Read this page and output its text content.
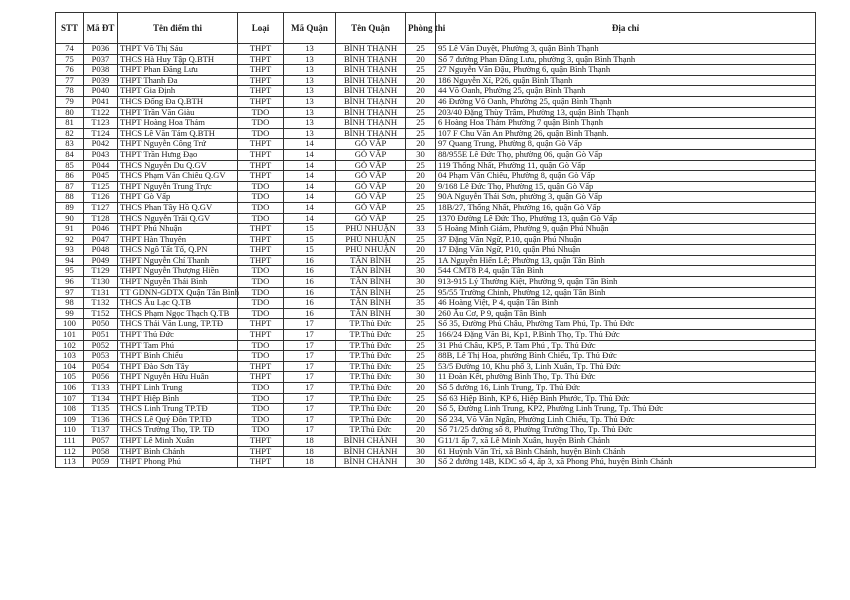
STT	Mã ĐT	Tên điểm thi	Loại	Mã Quận	Tên Quận	Phòng thi	Địa chỉ
74	P036	THPT Võ Thị Sáu	THPT	13	BÌNH THẠNH	25	95 Lê Văn Duyệt, Phường 3, quận Bình Thạnh
75	P037	THCS Hà Huy Tập Q.BTH	THPT	13	BÌNH THẠNH	20	Số 7 đường Phan Đăng Lưu, phường 3, quận Bình Thạnh
76	P038	THPT Phan Đăng Lưu	THPT	13	BÌNH THẠNH	25	27 Nguyễn Văn Đậu, Phường 6, quận Bình Thạnh
77	P039	THPT Thanh Đa	THPT	13	BÌNH THẠNH	20	186 Nguyễn Xí, P26, quận Bình Thạnh
78	P040	THPT Gia Định	THPT	13	BÌNH THẠNH	20	44 Võ Oanh, Phường 25, quận Bình Thạnh
79	P041	THCS Đống Đa Q.BTH	THPT	13	BÌNH THẠNH	20	46 Đường Võ Oanh, Phường 25, quận Bình Thạnh
80	T122	THPT Trần Văn Giàu	TDO	13	BÌNH THẠNH	25	203/40 Đặng Thùy Trâm, Phường 13, quận Bình Thạnh
81	T123	THPT Hoàng Hoa Thám	TDO	13	BÌNH THẠNH	25	6 Hoàng Hoa Thám Phường 7 quận Bình Thạnh
82	T124	THCS Lê Văn Tám Q.BTH	TDO	13	BÌNH THẠNH	25	107 F Chu Văn An Phường 26, quận Bình Thạnh.
83	P042	THPT Nguyễn Công Trứ	THPT	14	GÒ VẤP	20	97 Quang Trung, Phường 8, quận Gò Vấp
84	P043	THPT Trần Hưng Đạo	THPT	14	GÒ VẤP	30	88/955E Lê Đức Thọ, phường 06, quận Gò Vấp
85	P044	THCS Nguyễn Du Q.GV	THPT	14	GÒ VẤP	25	119 Thống Nhất, Phường 11, quận Gò Vấp
86	P045	THCS Phạm Văn Chiêu Q.GV	THPT	14	GÒ VẤP	20	04 Phạm Văn Chiêu, Phường 8, quận Gò Vấp
87	T125	THPT Nguyễn Trung Trực	TDO	14	GÒ VẤP	20	9/168 Lê Đức Thọ, Phường 15, quận Gò Vấp
88	T126	THPT Gò Vấp	TDO	14	GÒ VẤP	25	90A Nguyễn Thái Sơn, phường 3, quận Gò Vấp
89	T127	THCS Phan Tây Hồ Q.GV	TDO	14	GÒ VẤP	25	18B/27, Thống Nhất, Phường 16, quận Gò Vấp
90	T128	THCS Nguyễn Trãi Q.GV	TDO	14	GÒ VẤP	25	1370 Đường Lê Đức Thọ, Phường 13, quận Gò Vấp
91	P046	THPT Phú Nhuận	THPT	15	PHÚ NHUẬN	33	5 Hoàng Minh Giám, Phường 9, quận Phú Nhuận
92	P047	THPT Hàn Thuyên	THPT	15	PHÚ NHUẬN	25	37 Đặng Văn Ngữ, P.10, quận Phú Nhuận
93	P048	THCS Ngô Tất Tố, Q.PN	THPT	15	PHÚ NHUẬN	20	17 Đặng Văn Ngữ, P10, quận Phú Nhuận
94	P049	THPT Nguyễn Chí Thanh	THPT	16	TÂN BÌNH	25	1A Nguyễn Hiến Lê; Phường 13, quận Tân Bình
95	T129	THPT Nguyễn Thượng Hiền	TDO	16	TÂN BÌNH	30	544 CMT8 P.4, quận Tân Bình
96	T130	THPT Nguyễn Thái Bình	TDO	16	TÂN BÌNH	30	913-915 Lý Thường Kiệt, Phường 9, quận Tân Bình
97	T131	TT GDNN-GDTX Quận Tân Bình	TDO	16	TÂN BÌNH	25	95/55 Trường Chinh, Phường 12, quận Tân Bình
98	T132	THCS Âu Lạc Q.TB	TDO	16	TÂN BÌNH	35	46 Hoàng Việt, P 4, quận Tân Bình
99	T152	THCS Phạm Ngọc Thạch Q.TB	TDO	16	TÂN BÌNH	30	260 Âu Cơ, P 9, quận Tân Bình
100	P050	THCS Thái Văn Lung, TP.TĐ	THPT	17	TP.Thủ Đức	25	Số 35, Đường Phú Châu, Phường Tam Phú, Tp. Thủ Đức
101	P051	THPT Thủ Đức	THPT	17	TP.Thủ Đức	25	166/24 Đặng Văn Bi, Kp1, P.Bình Thọ, Tp. Thủ Đức
102	P052	THPT Tam Phú	TDO	17	TP.Thủ Đức	25	31 Phú Châu, KP5, P. Tam Phú , Tp. Thủ Đức
103	P053	THPT Bình Chiểu	TDO	17	TP.Thủ Đức	25	88B, Lê Thị Hoa, phường Bình Chiểu, Tp. Thủ Đức
104	P054	THPT Đào Sơn Tây	THPT	17	TP.Thủ Đức	25	53/5 Đường 10, Khu phố 3, Linh Xuân, Tp. Thủ Đức
105	P056	THPT Nguyễn Hữu Huân	THPT	17	TP.Thủ Đức	30	11 Đoàn Kết, phường Bình Thọ, Tp. Thủ Đức
106	T133	THPT Linh Trung	TDO	17	TP.Thủ Đức	20	Số 5 đường 16, Linh Trung, Tp. Thủ Đức
107	T134	THPT Hiệp Bình	TDO	17	TP.Thủ Đức	25	Số 63 Hiệp Bình, KP 6, Hiệp Bình Phước, Tp. Thủ Đức
108	T135	THCS Linh Trung TP.TĐ	TDO	17	TP.Thủ Đức	20	Số 5, Đường Linh Trung, KP2, Phường Linh Trung, Tp. Thủ Đức
109	T136	THCS Lê Quý Đôn TP.TĐ	TDO	17	TP.Thủ Đức	20	Số 234, Võ Văn Ngân, Phường Linh Chiểu, Tp. Thủ Đức
110	T137	THCS Trường Thọ, TP. TĐ	TDO	17	TP.Thủ Đức	20	Số 71/25 đường số 8, Phường Trường Thọ, Tp. Thủ Đức
111	P057	THPT Lê Minh Xuân	THPT	18	BÌNH CHÁNH	30	G11/1 ấp 7, xã Lê Minh Xuân, huyện Bình Chánh
112	P058	THPT Bình Chánh	THPT	18	BÌNH CHÁNH	30	61 Huỳnh Văn Trí, xã Bình Chánh, huyện Bình Chánh
113	P059	THPT Phong Phú	THPT	18	BÌNH CHÁNH	30	Số 2 đường 14B, KDC số 4, ấp 3, xã Phong Phú, huyện Bình Chánh
